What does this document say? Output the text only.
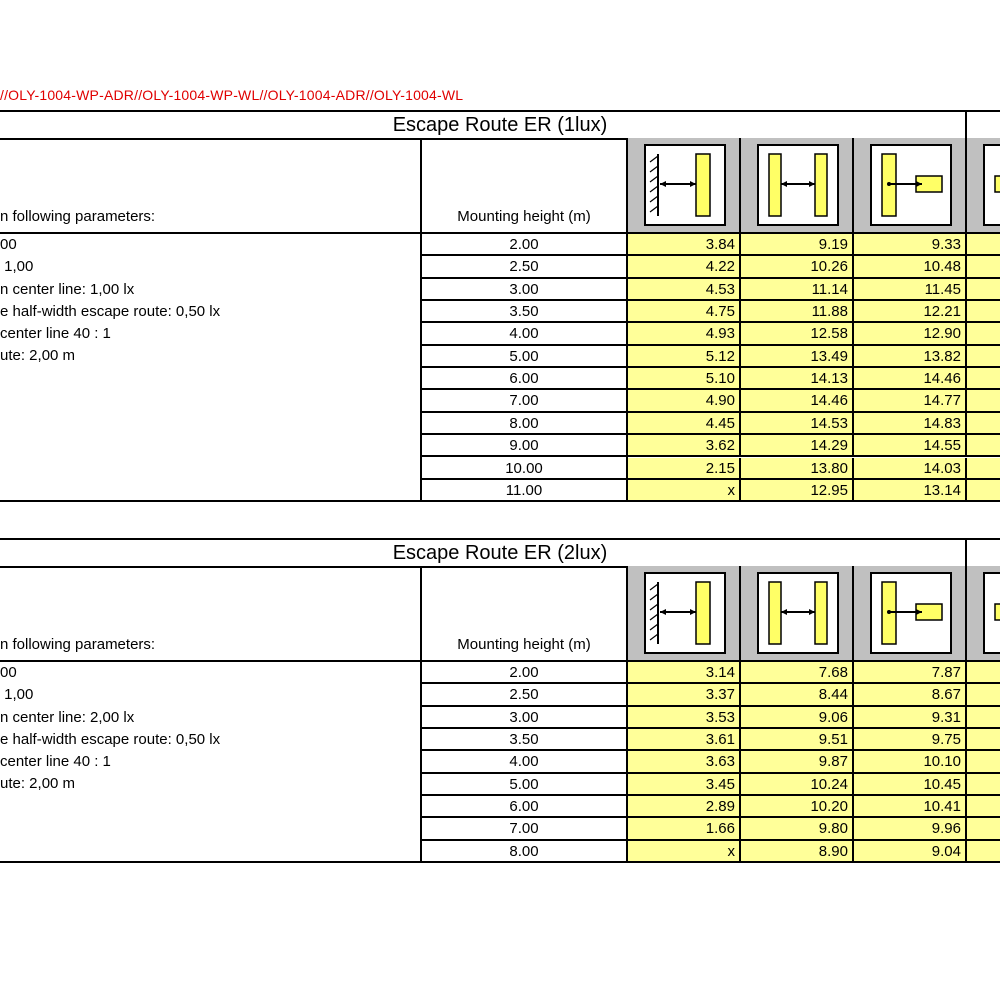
//OLY-1004-WP-ADR//OLY-1004-WP-WL//OLY-1004-ADR//OLY-1004-WL
Escape Route ER (1lux)
n following parameters:	Mounting height (m)
00
1,00
n center line: 1,00 lx
e half-width escape route: 0,50 lx
center line 40 : 1
ute: 2,00 m
2.00	3.84	9.19	9.33
2.50	4.22	10.26	10.48
3.00	4.53	11.14	11.45
3.50	4.75	11.88	12.21
4.00	4.93	12.58	12.90
5.00	5.12	13.49	13.82
6.00	5.10	14.13	14.46
7.00	4.90	14.46	14.77
8.00	4.45	14.53	14.83
9.00	3.62	14.29	14.55
10.00	2.15	13.80	14.03
11.00	x	12.95	13.14
Escape Route ER (2lux)
n following parameters:	Mounting height (m)
00
1,00
n center line: 2,00 lx
e half-width escape route: 0,50 lx
center line 40 : 1
ute: 2,00 m
2.00	3.14	7.68	7.87
2.50	3.37	8.44	8.67
3.00	3.53	9.06	9.31
3.50	3.61	9.51	9.75
4.00	3.63	9.87	10.10
5.00	3.45	10.24	10.45
6.00	2.89	10.20	10.41
7.00	1.66	9.80	9.96
8.00	x	8.90	9.04
